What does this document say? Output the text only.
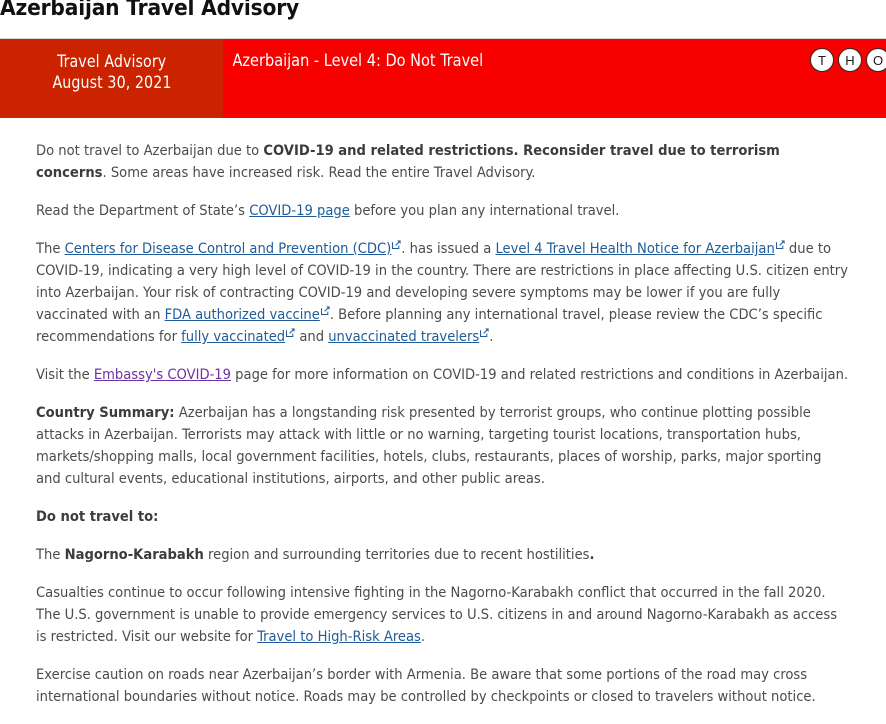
Azerbaijan Travel Advisory
Travel Advisory
August 30, 2021
Azerbaijan - Level 4: Do Not Travel	T	H	O

Do not travel to Azerbaijan due to COVID-19 and related restrictions. Reconsider travel due to terrorism concerns. Some areas have increased risk. Read the entire Travel Advisory.

Read the Department of State’s COVID-19 page before you plan any international travel.

The Centers for Disease Control and Prevention (CDC) . has issued a Level 4 Travel Health Notice for Azerbaijan
due to COVID-19, indicating a very high level of COVID-19 in the country. There are restrictions in place affecting U.S. citizen entry into Azerbaijan. Your risk of contracting COVID-19 and developing severe symptoms may be lower if you are fully vaccinated with an FDA authorized vaccine . Before planning any international travel, please review the CDC’s specific recommendations for fully vaccinated
and unvaccinated travelers .

Visit the Embassy's COVID-19 page for more information on COVID-19 and related restrictions and conditions in Azerbaijan.

Country Summary: Azerbaijan has a longstanding risk presented by terrorist groups, who continue plotting possible attacks in Azerbaijan. Terrorists may attack with little or no warning, targeting tourist locations, transportation hubs, markets/shopping malls, local government facilities, hotels, clubs, restaurants, places of worship, parks, major sporting and cultural events, educational institutions, airports, and other public areas.

Do not travel to:

The Nagorno-Karabakh region and surrounding territories due to recent hostilities.

Casualties continue to occur following intensive fighting in the Nagorno-Karabakh conflict that occurred in the fall 2020. The U.S. government is unable to provide emergency services to U.S. citizens in and around Nagorno-Karabakh as access is restricted. Visit our website for Travel to High-Risk Areas.

Exercise caution on roads near Azerbaijan’s border with Armenia. Be aware that some portions of the road may cross international boundaries without notice. Roads may be controlled by checkpoints or closed to travelers without notice.
